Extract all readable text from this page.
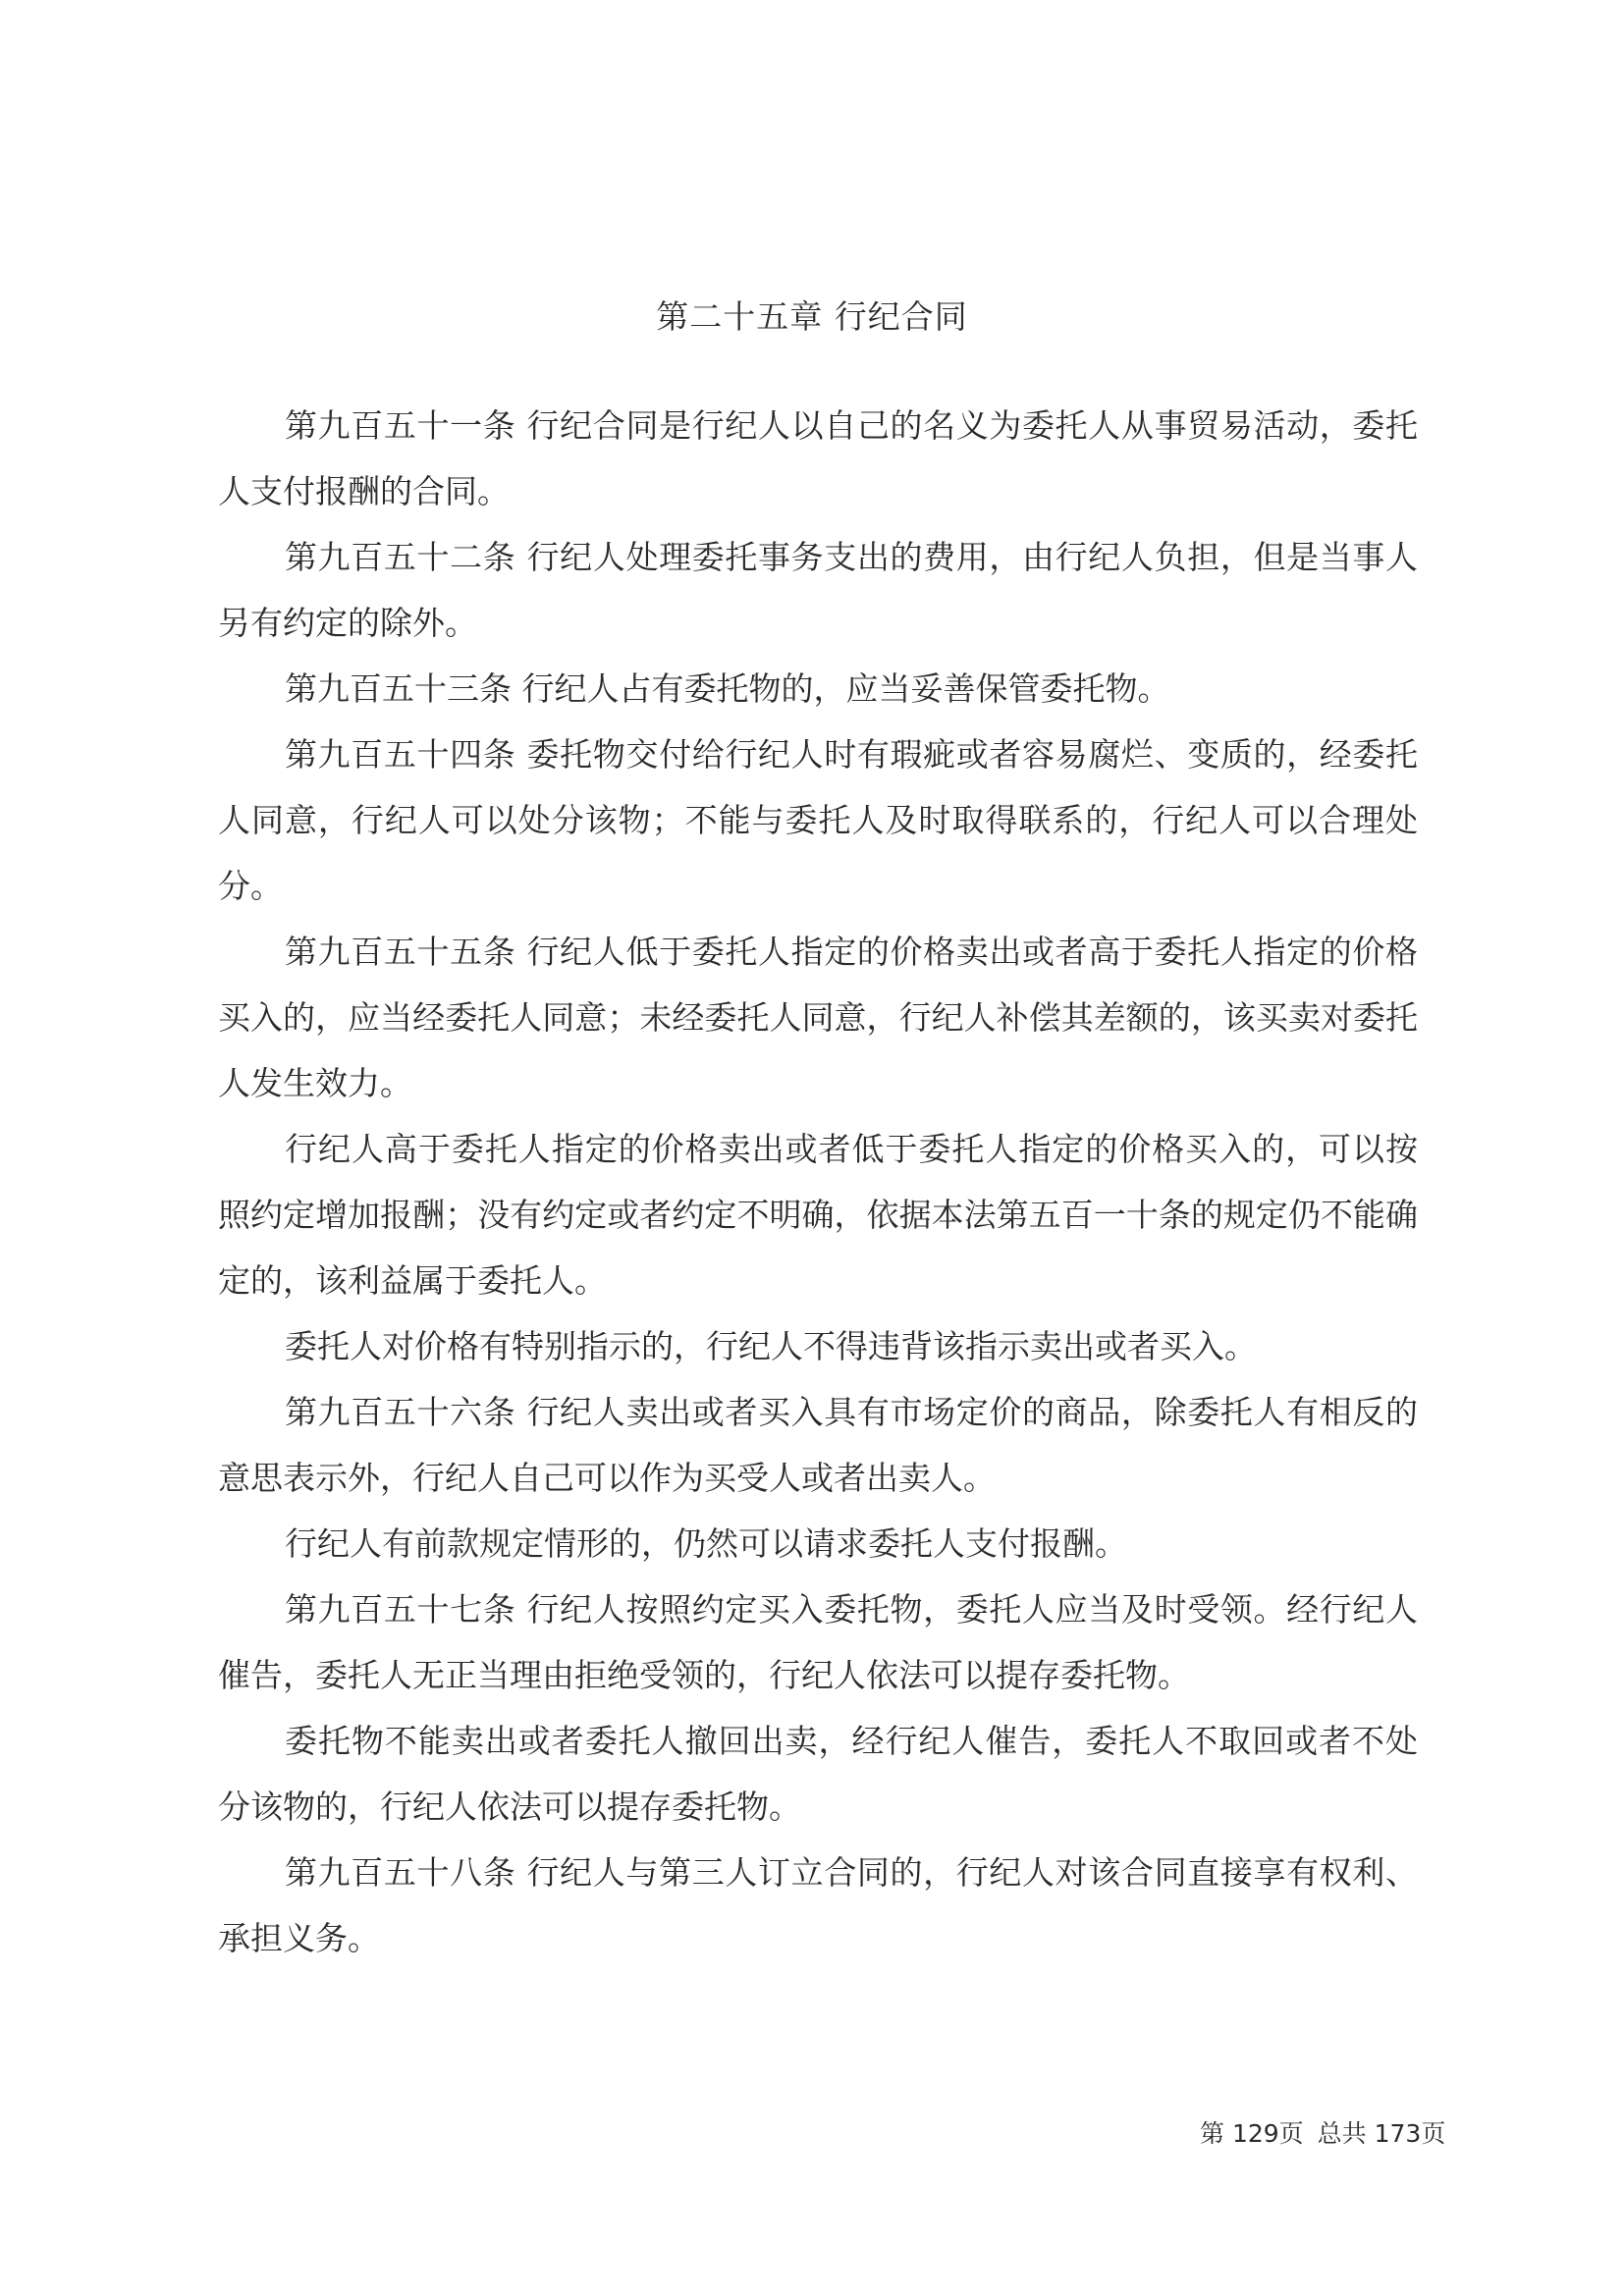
第二十五章 行纪合同

第九百五十一条 行纪合同是行纪人以自己的名义为委托人从事贸易活动，委托人支付报酬的合同。

第九百五十二条 行纪人处理委托事务支出的费用，由行纪人负担，但是当事人另有约定的除外。

第九百五十三条 行纪人占有委托物的，应当妥善保管委托物。

第九百五十四条 委托物交付给行纪人时有瑕疵或者容易腐烂、变质的，经委托人同意，行纪人可以处分该物；不能与委托人及时取得联系的，行纪人可以合理处分。

第九百五十五条 行纪人低于委托人指定的价格卖出或者高于委托人指定的价格买入的，应当经委托人同意；未经委托人同意，行纪人补偿其差额的，该买卖对委托人发生效力。

行纪人高于委托人指定的价格卖出或者低于委托人指定的价格买入的，可以按照约定增加报酬；没有约定或者约定不明确，依据本法第五百一十条的规定仍不能确定的，该利益属于委托人。

委托人对价格有特别指示的，行纪人不得违背该指示卖出或者买入。

第九百五十六条 行纪人卖出或者买入具有市场定价的商品，除委托人有相反的意思表示外，行纪人自己可以作为买受人或者出卖人。

行纪人有前款规定情形的，仍然可以请求委托人支付报酬。

第九百五十七条 行纪人按照约定买入委托物，委托人应当及时受领。经行纪人催告，委托人无正当理由拒绝受领的，行纪人依法可以提存委托物。

委托物不能卖出或者委托人撤回出卖，经行纪人催告，委托人不取回或者不处分该物的，行纪人依法可以提存委托物。

第九百五十八条 行纪人与第三人订立合同的，行纪人对该合同直接享有权利、承担义务。

第 129页 总共 173页
